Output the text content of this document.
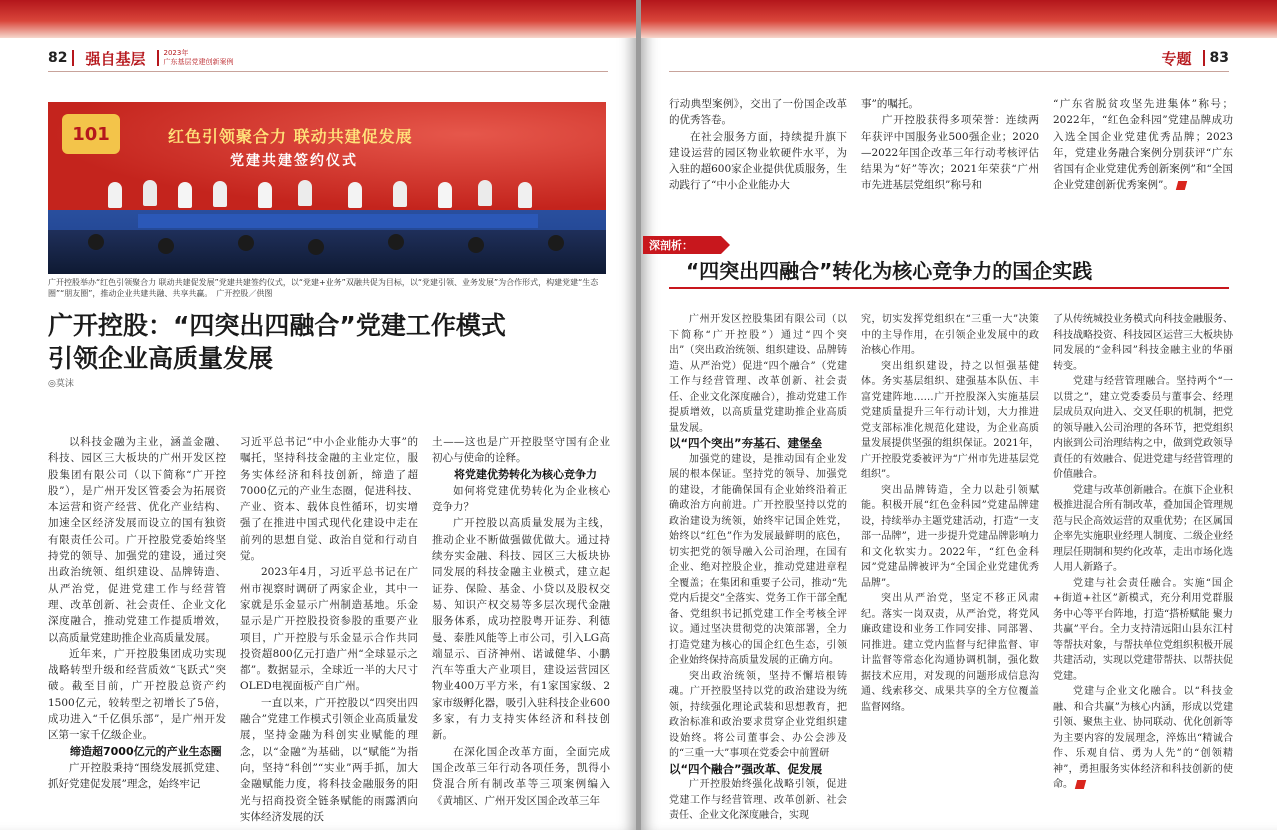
82 强自基层	2023年
广东基层党建创新案例
101	红色引领聚合力 联动共建促发展
党建共建签约仪式
广开控股举办“红色引领聚合力 联动共建促发展”党建共建签约仪式，以“党建+业务”双融共促为目标，以“党建引领、业务发展”为合作形式，构建党建“生态圈”“朋友圈”，推动企业共建共融、共享共赢。　广开控股／供图
广开控股：“四突出四融合”党建工作模式
引领企业高质量发展
◎莫沫

以科技金融为主业，涵盖金融、科技、园区三大板块的广州开发区控股集团有限公司（以下简称“广开控股”），是广州开发区管委会为拓展资本运营和资产经营、优化产业结构、加速全区经济发展而设立的国有独资有限责任公司。广开控股党委始终坚持党的领导、加强党的建设，通过突出政治统领、组织建设、品牌铸造、从严治党，促进党建工作与经营管理、改革创新、社会责任、企业文化深度融合，推动党建工作提质增效，以高质量党建助推企业高质量发展。

近年来，广开控股集团成功实现战略转型升级和经营质效“飞跃式”突破。截至目前，广开控股总资产约1500亿元，较转型之初增长了5倍，成功进入“千亿俱乐部”，是广州开发区第一家千亿级企业。

缔造超7000亿元的产业生态圈

广开控股秉持“围绕发展抓党建、抓好党建促发展”理念，始终牢记

习近平总书记“中小企业能办大事”的嘱托，坚持科技金融的主业定位，服务实体经济和科技创新，缔造了超7000亿元的产业生态圈，促进科技、产业、资本、载体良性循环，切实增强了在推进中国式现代化建设中走在前列的思想自觉、政治自觉和行动自觉。

2023年4月，习近平总书记在广州市视察时调研了两家企业，其中一家就是乐金显示广州制造基地。乐金显示是广开控股投资参股的重要产业项目，广开控股与乐金显示合作共同投资超800亿元打造广州“全球显示之都”。数据显示，全球近一半的大尺寸OLED电视面板产自广州。

一直以来，广开控股以“四突出四融合”党建工作模式引领企业高质量发展，坚持金融为科创实业赋能的理念，以“金融”为基础，以“赋能”为指向，坚持“科创”“实业”两手抓，加大金融赋能力度，将科技金融服务的阳光与招商投资全链条赋能的雨露洒向实体经济发展的沃

土——这也是广开控股坚守国有企业初心与使命的诠释。

将党建优势转化为核心竞争力

如何将党建优势转化为企业核心竞争力？

广开控股以高质量发展为主线，推动企业不断做强做优做大。通过持续夯实金融、科技、园区三大板块协同发展的科技金融主业模式，建立起证券、保险、基金、小贷以及股权交易、知识产权交易等多层次现代金融服务体系，成功控股粤开证券、利德曼、泰胜风能等上市公司，引入LG高端显示、百济神州、诺诚健华、小鹏汽车等重大产业项目，建设运营园区物业400万平方米，有1家国家级、2家市级孵化器，吸引入驻科技企业600多家，有力支持实体经济和科技创新。

在深化国企改革方面，全面完成国企改革三年行动各项任务，凯得小贷混合所有制改革等三项案例编入《黄埔区、广州开发区国企改革三年

专题 83

行动典型案例》，交出了一份国企改革的优秀答卷。

在社会服务方面，持续提升旗下建设运营的园区物业软硬件水平，为入驻的超600家企业提供优质服务，生动践行了“中小企业能办大

事”的嘱托。

广开控股获得多项荣誉：连续两年获评中国服务业500强企业；2020—2022年国企改革三年行动考核评估结果为“好”等次；2021年荣获“广州市先进基层党组织”称号和

“广东省脱贫攻坚先进集体”称号；2022年，“红色金科园”党建品牌成功入选全国企业党建优秀品牌；2023年，党建业务融合案例分别获评“广东省国有企业党建优秀创新案例”和“全国企业党建创新优秀案例”。

深剖析：
“四突出四融合”转化为核心竞争力的国企实践

广州开发区控股集团有限公司（以下简称“广开控股”）通过“四个突出”（突出政治统领、组织建设、品牌铸造、从严治党）促进“四个融合”（党建工作与经营管理、改革创新、社会责任、企业文化深度融合），推动党建工作提质增效，以高质量党建助推企业高质量发展。

以“四个突出”夯基石、建堡垒

加强党的建设，是推动国有企业发展的根本保证。坚持党的领导、加强党的建设，才能确保国有企业始终沿着正确政治方向前进。广开控股坚持以党的政治建设为统领，始终牢记国企姓党，始终以“红色”作为发展最鲜明的底色，切实把党的领导融入公司治理，在国有企业、绝对控股企业，推动党建进章程全覆盖；在集团和重要子公司，推动“先党内后提交”全落实、党务工作干部全配备、党组织书记抓党建工作全考核全评议。通过坚决贯彻党的决策部署，全力打造党建为核心的国企红色生态，引领企业始终保持高质量发展的正确方向。

突出政治统领，坚持不懈培根铸魂。广开控股坚持以党的政治建设为统领，持续强化理论武装和思想教育，把政治标准和政治要求贯穿企业党组织建设始终。将公司董事会、办公会涉及的“三重一大”事项在党委会中前置研

以“四个融合”强改革、促发展

广开控股始终强化战略引领，促进党建工作与经营管理、改革创新、社会责任、企业文化深度融合，实现

究，切实发挥党组织在“三重一大”决策中的主导作用，在引领企业发展中的政治核心作用。

突出组织建设，持之以恒强基健体。务实基层组织、建强基本队伍、丰富党建阵地……广开控股深入实施基层党建质量提升三年行动计划，大力推进党支部标准化规范化建设，为企业高质量发展提供坚强的组织保证。2021年，广开控股党委被评为“广州市先进基层党组织”。

突出品牌铸造，全力以赴引领赋能。积极开展“红色金科园”党建品牌建设，持续举办主题党建活动，打造“一支部一品牌”，进一步提升党建品牌影响力和文化软实力。2022年，“红色金科园”党建品牌被评为“全国企业党建优秀品牌”。

突出从严治党，坚定不移正风肃纪。落实一岗双责，从严治党，将党风廉政建设和业务工作同安排、同部署、同推进。建立党内监督与纪律监督、审计监督等常态化沟通协调机制，强化数据技术应用，对发现的问题形成信息沟通、线索移交、成果共享的全方位覆盖监督网络。

了从传统城投业务模式向科技金融服务、科技战略投资、科技园区运营三大板块协同发展的“金科园”科技金融主业的华丽转变。

党建与经营管理融合。坚持两个“一以贯之”，建立党委委员与董事会、经理层成员双向进入、交叉任职的机制，把党的领导融入公司治理的各环节，把党组织内嵌到公司治理结构之中，做到党政领导責任的有效融合、促进党建与经营管理的价值融合。

党建与改革创新融合。在旗下企业积极推进混合所有制改革，叠加国企管理规范与民企高效运营的双重优势；在区属国企率先实施职业经理人制度、二级企业经理层任期制和契约化改革，走出市场化选人用人新路子。

党建与社会责任融合。实施“国企+街道+社区”新模式，充分利用党群服务中心等平台阵地，打造“搭桥赋能 聚力共赢”平台。全力支持清远阳山县东江村等帮扶对象，与帮扶单位党组织积极开展共建活动，实现以党建带帮扶、以帮扶促党建。

党建与企业文化融合。以“科技金融、和合共赢”为核心内涵，形成以党建引领、聚焦主业、协同联动、优化创新等为主要内容的发展理念，淬炼出“精诚合作、乐观自信、勇为人先”的“创领精神”，勇担服务实体经济和科技创新的使命。
